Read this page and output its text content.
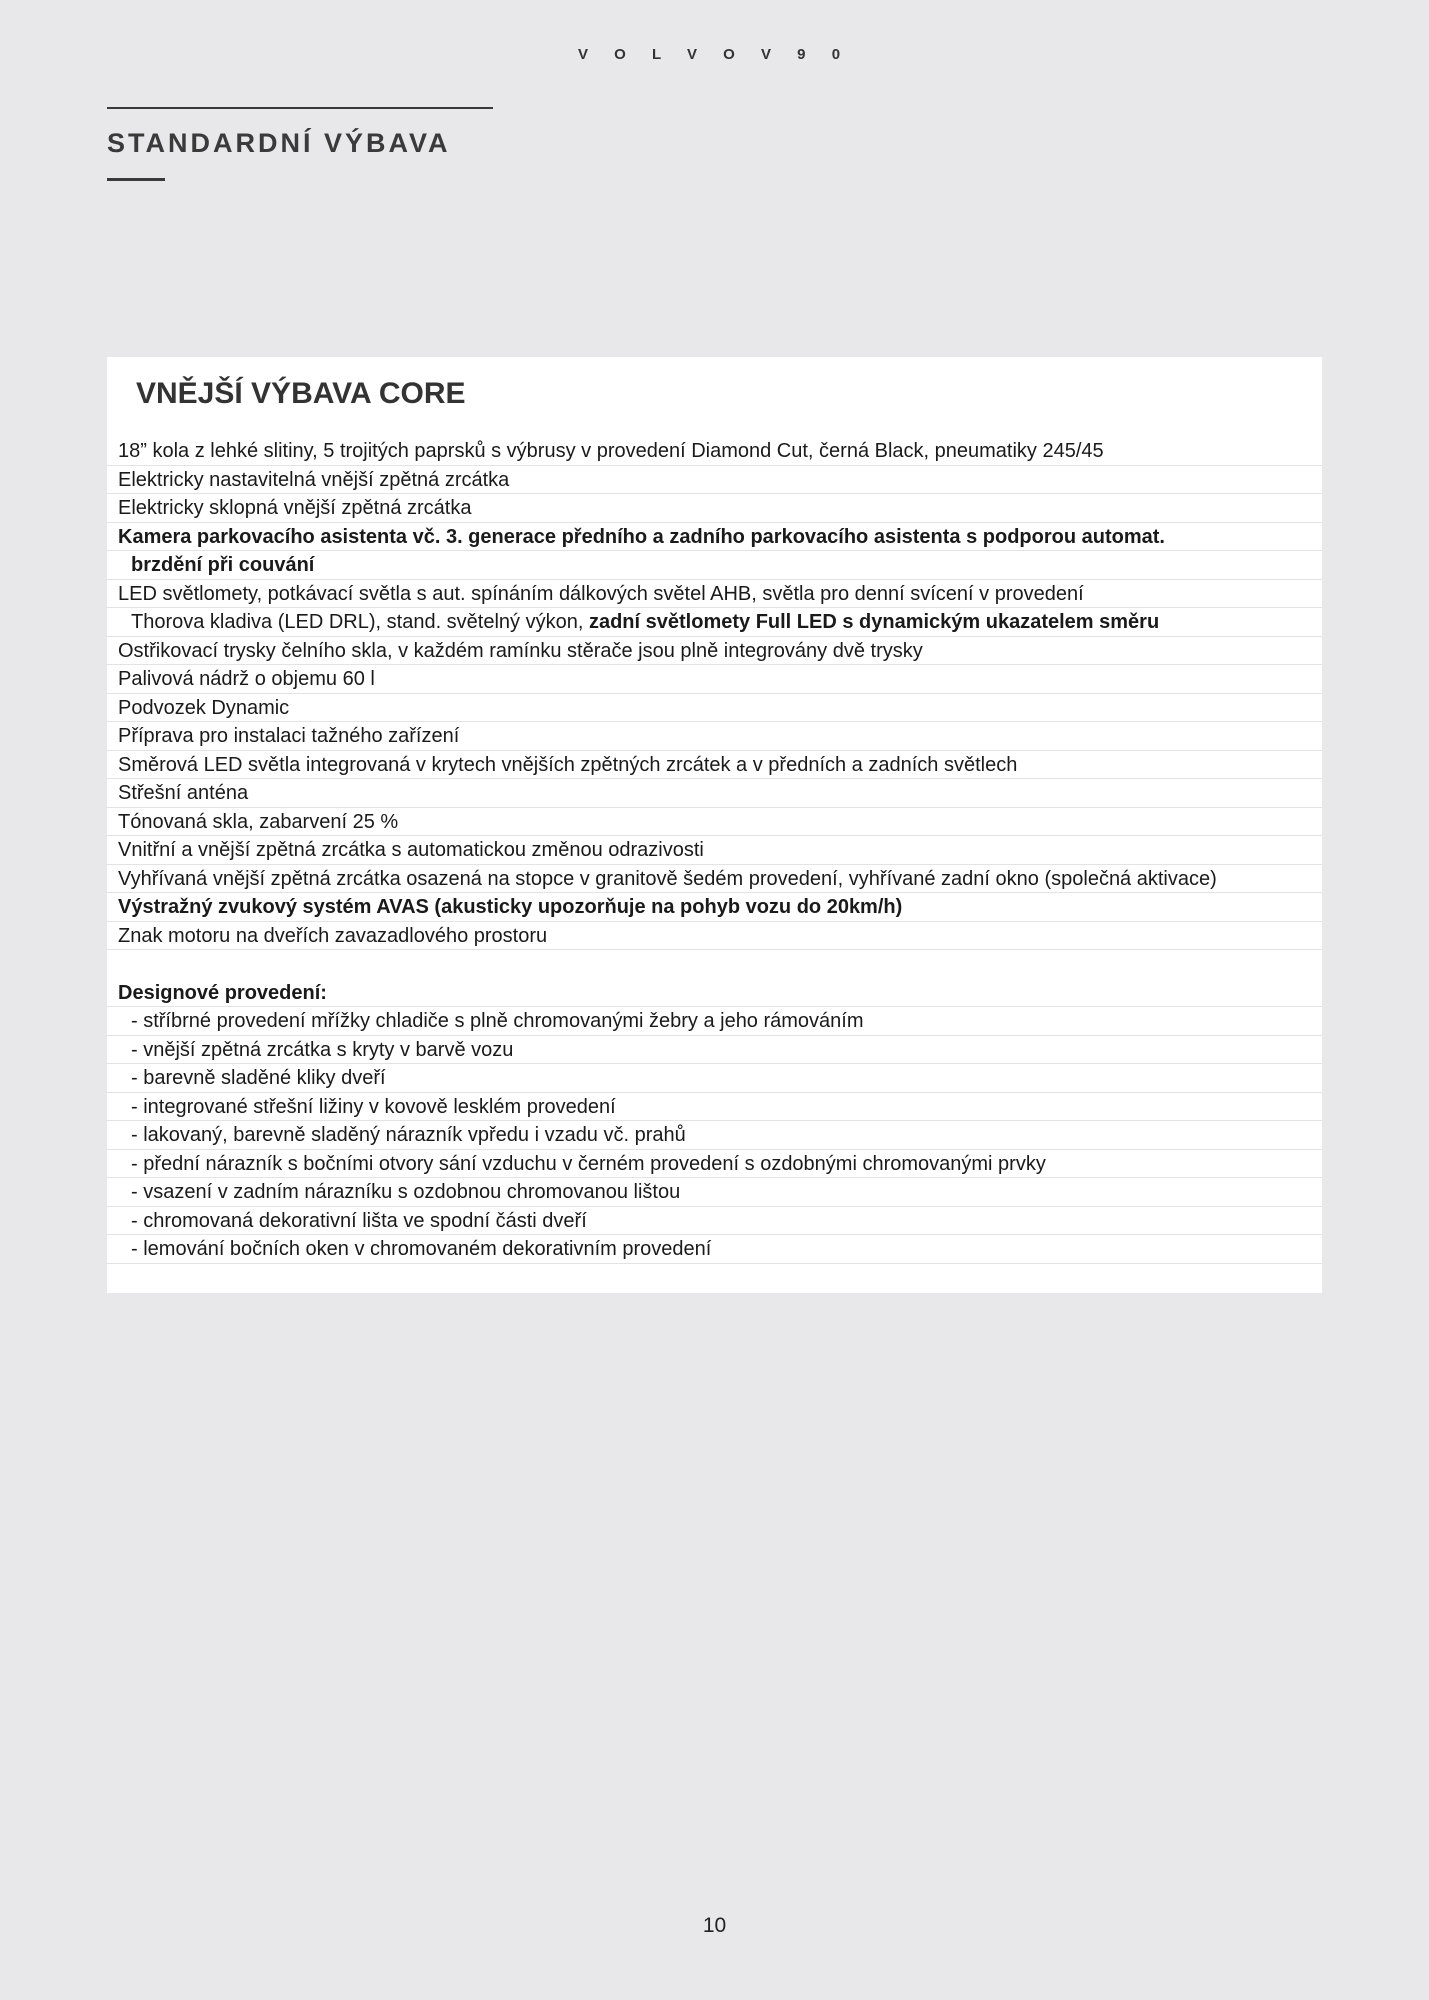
V O L V O V 9 0
STANDARDNÍ VÝBAVA
VNĚJŠÍ VÝBAVA CORE
18” kola z lehké slitiny, 5 trojitých paprsků s výbrusy v provedení Diamond Cut, černá Black, pneumatiky 245/45
Elektricky nastavitelná vnější zpětná zrcátka
Elektricky sklopná vnější zpětná zrcátka
Kamera parkovacího asistenta vč. 3. generace předního a zadního parkovacího asistenta s podporou automat.
brzdění při couvání
LED světlomety, potkávací světla s aut. spínáním dálkových světel AHB, světla pro denní svícení v provedení
Thorova kladiva (LED DRL), stand. světelný výkon, zadní světlomety Full LED s dynamickým ukazatelem směru
Ostřikovací trysky čelního skla, v každém ramínku stěrače jsou plně integrovány dvě trysky
Palivová nádrž o objemu 60 l
Podvozek Dynamic
Příprava pro instalaci tažného zařízení
Směrová LED světla integrovaná v krytech vnějších zpětných zrcátek a v předních a zadních světlech
Střešní anténa
Tónovaná skla, zabarvení 25 %
Vnitřní a vnější zpětná zrcátka s automatickou změnou odrazivosti
Vyhřívaná vnější zpětná zrcátka osazená na stopce v granitově šedém provedení, vyhřívané zadní okno (společná aktivace)
Výstražný zvukový systém AVAS (akusticky upozorňuje na pohyb vozu do 20km/h)
Znak motoru na dveřích zavazadlového prostoru
Designové provedení:
- stříbrné provedení mřížky chladiče s plně chromovanými žebry a jeho rámováním
- vnější zpětná zrcátka s kryty v barvě vozu
- barevně sladěné kliky dveří
- integrované střešní ližiny v kovově lesklém provedení
- lakovaný, barevně sladěný nárazník vpředu i vzadu vč. prahů
- přední nárazník s bočními otvory sání vzduchu v černém provedení s ozdobnými chromovanými prvky
- vsazení v zadním nárazníku s ozdobnou chromovanou lištou
- chromovaná dekorativní lišta ve spodní části dveří
- lemování bočních oken v chromovaném dekorativním provedení
10
